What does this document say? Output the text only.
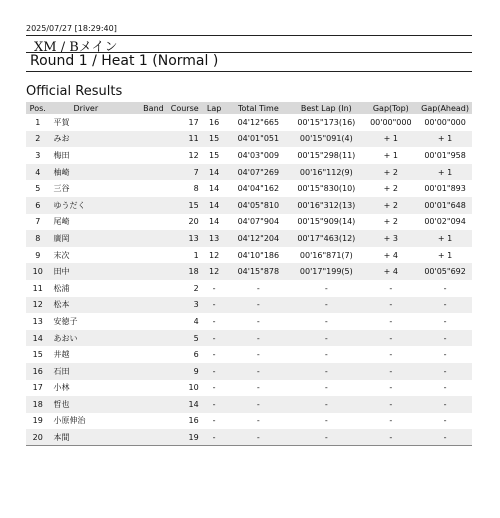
2025/07/27 [18:29:40]
XM / Bメイン
Round 1 / Heat 1 (Normal )
Official Results
Pos.	Driver	Band	Course	Lap	Total Time	Best Lap (In)	Gap(Top)	Gap(Ahead)
1	平賀		17	16	04'12"665	00'15"173(16)	00'00"000	00'00"000
2	みお		11	15	04'01"051	00'15"091(4)	+ 1	+ 1
3	梅田		12	15	04'03"009	00'15"298(11)	+ 1	00'01"958
4	柚崎		7	14	04'07"269	00'16"112(9)	+ 2	+ 1
5	三谷		8	14	04'04"162	00'15"830(10)	+ 2	00'01"893
6	ゆうだく		15	14	04'05"810	00'16"312(13)	+ 2	00'01"648
7	尾崎		20	14	04'07"904	00'15"909(14)	+ 2	00'02"094
8	廣岡		13	13	04'12"204	00'17"463(12)	+ 3	+ 1
9	末次		1	12	04'10"186	00'16"871(7)	+ 4	+ 1
10	田中		18	12	04'15"878	00'17"199(5)	+ 4	00'05"692
11	松浦		2	-	-	-	-	-
12	松本		3	-	-	-	-	-
13	安徳子		4	-	-	-	-	-
14	あおい		5	-	-	-	-	-
15	井越		6	-	-	-	-	-
16	石田		9	-	-	-	-	-
17	小林		10	-	-	-	-	-
18	哲也		14	-	-	-	-	-
19	小原伸治		16	-	-	-	-	-
20	本間		19	-	-	-	-	-
